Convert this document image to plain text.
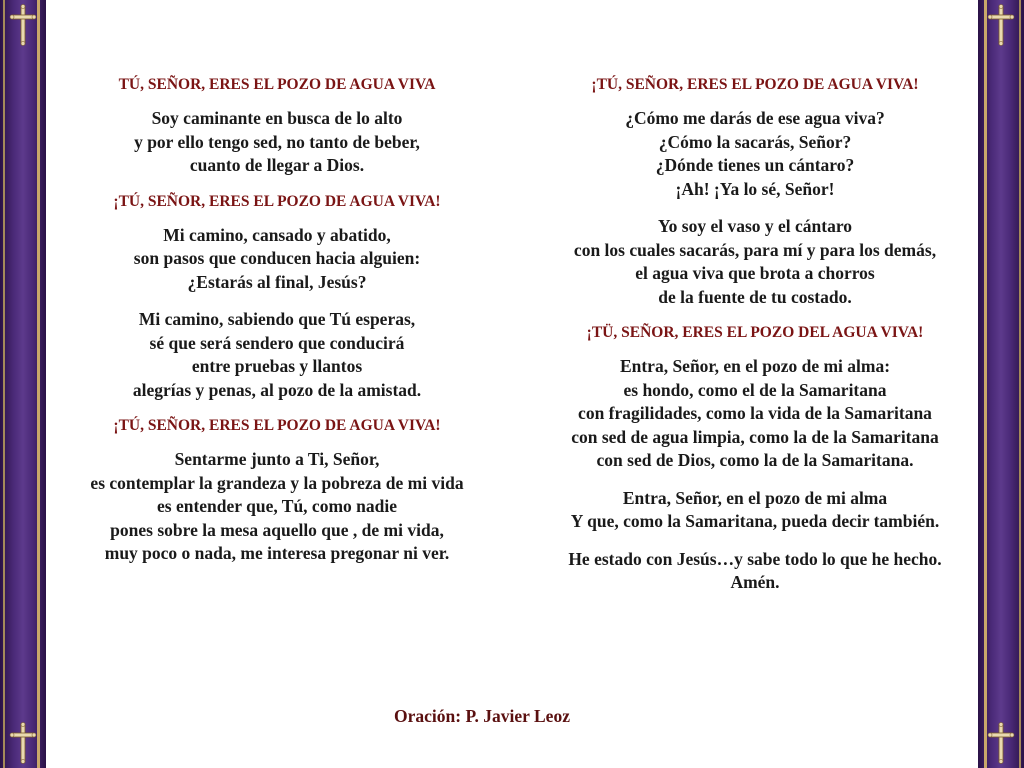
TÚ, SEÑOR, ERES EL POZO DE AGUA VIVA
Soy caminante en busca de lo alto
y por ello tengo sed, no tanto de beber,
cuanto de llegar a Dios.
¡TÚ, SEÑOR, ERES EL POZO DE AGUA VIVA!
Mi camino, cansado y abatido,
son pasos que conducen hacia alguien:
¿Estarás al final, Jesús?
Mi camino, sabiendo que Tú esperas,
sé que será sendero que conducirá
entre pruebas y llantos
alegrías y penas, al pozo de la amistad.
¡TÚ, SEÑOR, ERES EL POZO DE AGUA VIVA!
Sentarme junto a Ti, Señor,
es contemplar la grandeza y la pobreza de mi vida
es entender que, Tú, como nadie
pones sobre la mesa aquello que , de mi vida,
muy poco o nada, me interesa pregonar ni ver.
¡TÚ, SEÑOR, ERES EL POZO DE AGUA VIVA!
¿Cómo me darás de ese agua viva?
¿Cómo la sacarás, Señor?
¿Dónde tienes un cántaro?
¡Ah! ¡Ya lo sé, Señor!
Yo soy el vaso y el cántaro
con los cuales sacarás, para mí y para los demás,
el agua viva que brota a chorros
de la fuente de tu costado.
¡TÜ, SEÑOR, ERES EL POZO DEL AGUA VIVA!
Entra, Señor, en el pozo de mi alma:
es hondo, como el de la Samaritana
con fragilidades, como la vida de la Samaritana
con sed de agua limpia, como la de la Samaritana
con sed de Dios, como la de la Samaritana.
Entra, Señor, en el pozo de mi alma
Y que, como la Samaritana, pueda decir también.
He estado con Jesús…y sabe todo lo que he hecho.
Amén.
Oración: P. Javier Leoz
